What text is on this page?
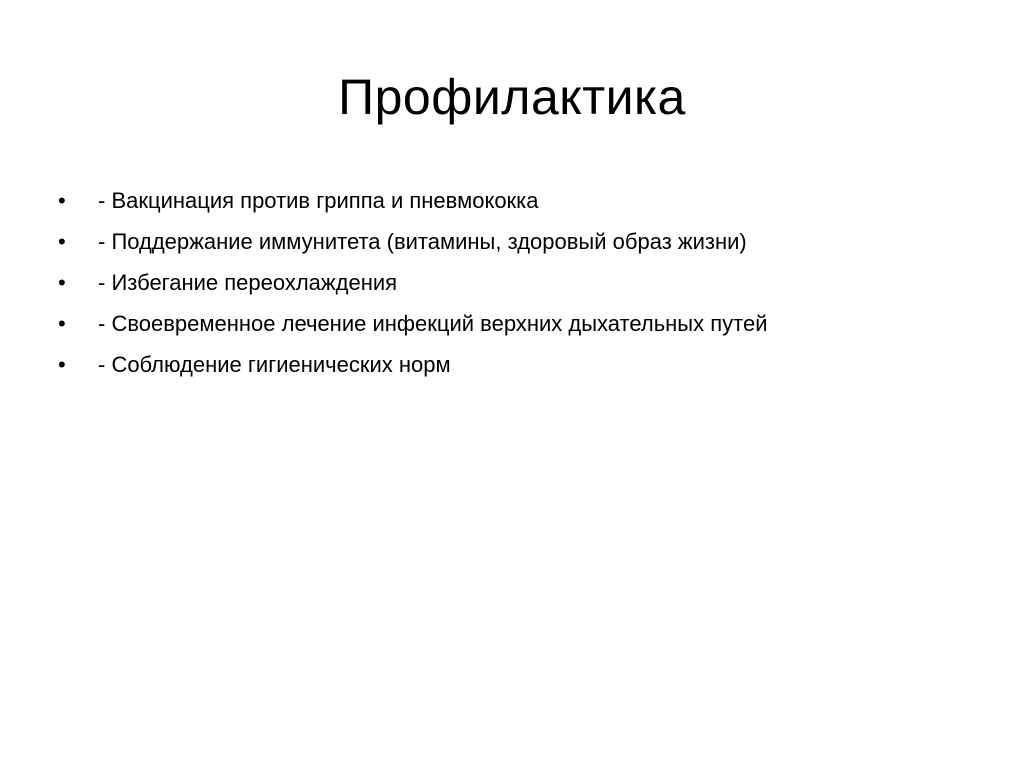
Профилактика
•	- Вакцинация против гриппа и пневмококка
•	- Поддержание иммунитета (витамины, здоровый образ жизни)
•	- Избегание переохлаждения
•	- Своевременное лечение инфекций верхних дыхательных путей
•	- Соблюдение гигиенических норм
